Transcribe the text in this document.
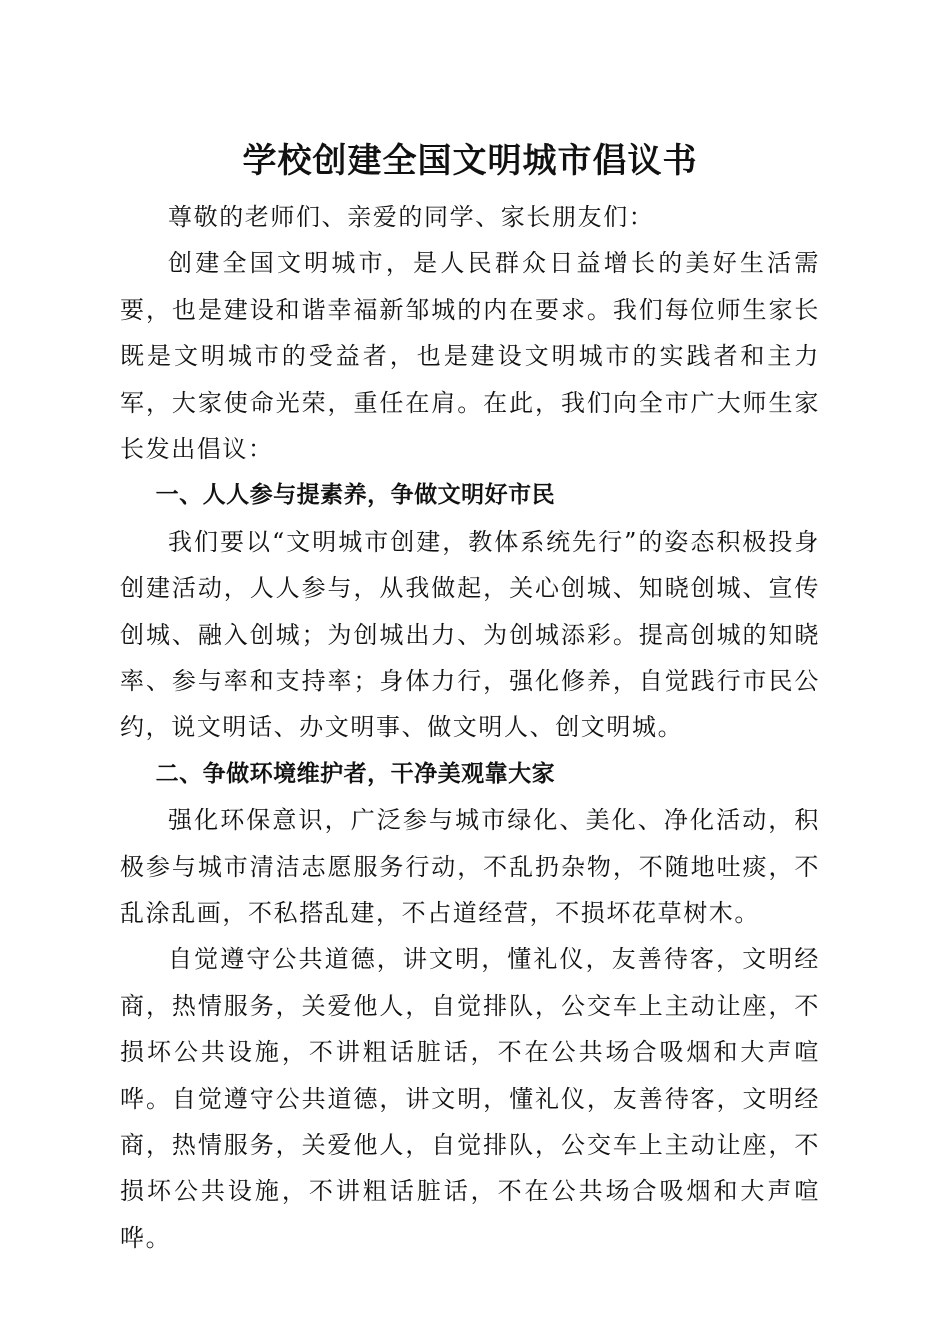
学校创建全国文明城市倡议书

尊敬的老师们、亲爱的同学、家长朋友们：

创建全国文明城市，是人民群众日益增长的美好生活需要，也是建设和谐幸福新邹城的内在要求。我们每位师生家长既是文明城市的受益者，也是建设文明城市的实践者和主力军，大家使命光荣，重任在肩。在此，我们向全市广大师生家长发出倡议：

一、人人参与提素养，争做文明好市民

我们要以“文明城市创建，教体系统先行”的姿态积极投身创建活动，人人参与，从我做起，关心创城、知晓创城、宣传创城、融入创城；为创城出力、为创城添彩。提高创城的知晓率、参与率和支持率；身体力行，强化修养，自觉践行市民公约，说文明话、办文明事、做文明人、创文明城。

二、争做环境维护者，干净美观靠大家

强化环保意识，广泛参与城市绿化、美化、净化活动，积极参与城市清洁志愿服务行动，不乱扔杂物，不随地吐痰，不乱涂乱画，不私搭乱建，不占道经营，不损坏花草树木。

自觉遵守公共道德，讲文明，懂礼仪，友善待客，文明经商，热情服务，关爱他人，自觉排队，公交车上主动让座，不损坏公共设施，不讲粗话脏话，不在公共场合吸烟和大声喧哗。自觉遵守公共道德，讲文明，懂礼仪，友善待客，文明经商，热情服务，关爱他人，自觉排队，公交车上主动让座，不损坏公共设施，不讲粗话脏话，不在公共场合吸烟和大声喧哗。
